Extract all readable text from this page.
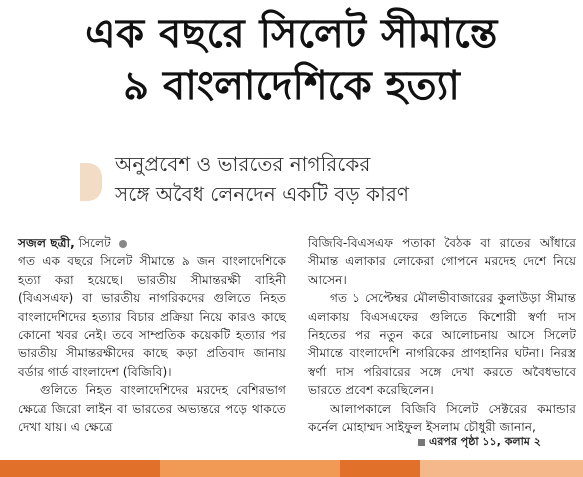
এক বছরে সিলেট সীমান্তে
৯ বাংলাদেশিকে হত্যা
অনুপ্রবেশ ও ভারতের নাগরিকের
সঙ্গে অবৈধ লেনদেন একটি বড় কারণ

সজল ছত্রী, সিলেট

গত এক বছরে সিলেট সীমান্তে ৯ জন বাংলাদেশিকে হত্যা করা হয়েছে। ভারতীয় সীমান্তরক্ষী বাহিনী (বিএসএফ) বা ভারতীয় নাগরিকদের গুলিতে নিহত বাংলাদেশিদের হত্যার বিচার প্রক্রিয়া নিয়ে কারও কাছে কোনো খবর নেই। তবে সাম্প্রতিক কয়েকটি হত্যার পর ভারতীয় সীমান্তরক্ষীদের কাছে কড়া প্রতিবাদ জানায় বর্ডার গার্ড বাংলাদেশ (বিজিবি)।

গুলিতে নিহত বাংলাদেশিদের মরদেহ বেশিরভাগ ক্ষেত্রে জিরো লাইন বা ভারতের অভ্যন্তরে পড়ে থাকতে দেখা যায়। এ ক্ষেত্রে

বিজিবি-বিএসএফ পতাকা বৈঠক বা রাতের আঁধারে সীমান্ত এলাকার লোকেরা গোপনে মরদেহ দেশে নিয়ে আসেন।

গত ১ সেপ্টেম্বর মৌলভীবাজারের কুলাউড়া সীমান্ত এলাকায় বিএসএফের গুলিতে কিশোরী স্বর্ণা দাস নিহতের পর নতুন করে আলোচনায় আসে সিলেট সীমান্তে বাংলাদেশি নাগরিকের প্রাণহানির ঘটনা। নিরস্ত্র স্বর্ণা দাস পরিবারের সঙ্গে দেখা করতে অবৈধভাবে ভারতে প্রবেশ করেছিলেন।

আলাপকালে বিজিবি সিলেট সেক্টরের কমান্ডার কর্নেল মোহাম্মদ সাইফুল ইসলাম চৌধুরী জানান,

এরপর পৃষ্ঠা ১১, কলাম ২
